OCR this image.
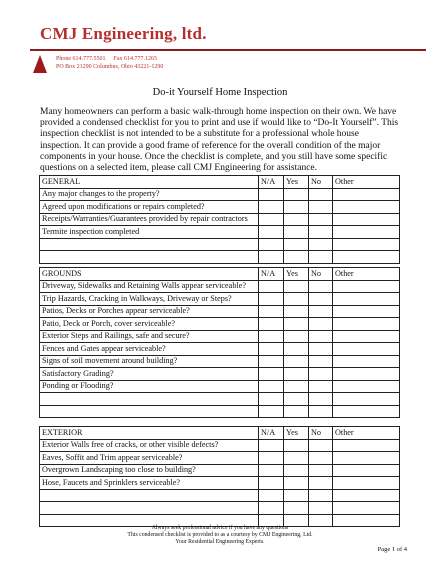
CMJ Engineering, ltd.
Phone 614.777.5501 Fax 614.777.1265
PO Box 21290 Columbus, Ohio 43221-1290
Do-it Yourself Home Inspection
Many homeowners can perform a basic walk-through home inspection on their own. We have provided a condensed checklist for you to print and use if would like to “Do-It Yourself”. This inspection checklist is not intended to be a substitute for a professional whole house inspection. It can provide a good frame of reference for the overall condition of the major components in your house. Once the checklist is complete, and you still have some specific questions on a selected item, please call CMJ Engineering for assistance.
GENERAL	N/A	Yes	No	Other
Any major changes to the property?				
Agreed upon modifications or repairs completed?				
Receipts/Warranties/Guarantees provided by repair contractors				
Termite inspection completed				

GROUNDS	N/A	Yes	No	Other
Driveway, Sidewalks and Retaining Walls appear serviceable?				
Trip Hazards, Cracking in Walkways, Driveway or Steps?				
Patios, Decks or Porches appear serviceable?				
Patio, Deck or Porch, cover serviceable?				
Exterior Steps and Railings, safe and secure?				
Fences and Gates appear serviceable?				
Signs of soil movement around building?				
Satisfactory Grading?				
Ponding or Flooding?				

EXTERIOR	N/A	Yes	No	Other
Exterior Walls free of cracks, or other visible defects?				
Eaves, Soffit and Trim appear serviceable?				
Overgrown Landscaping too close to building?				
Hose, Faucets and Sprinklers serviceable?				

Always seek professional advice if you have any questions
This condensed checklist is provided to as a courtesy by CMJ Engineering, Ltd.
Your Residential Engineering Experts.
Page 1 of 4
